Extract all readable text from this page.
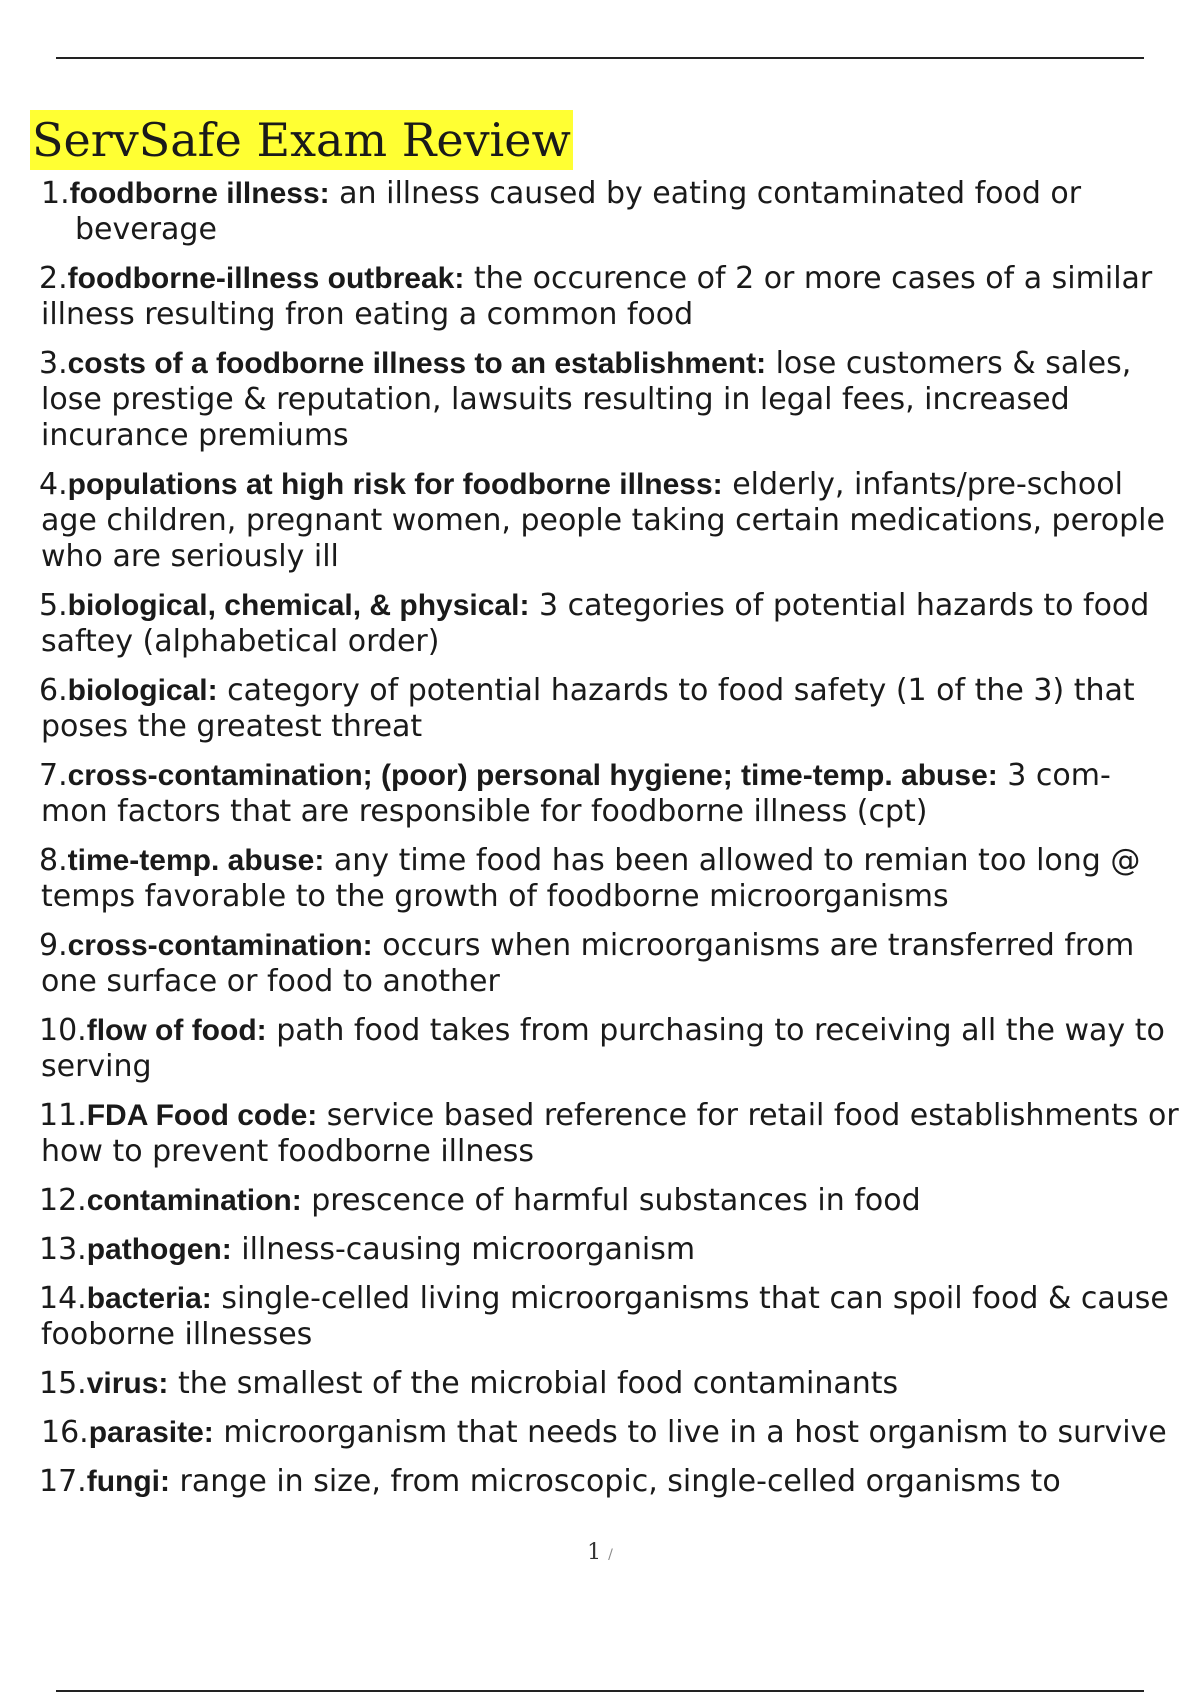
ServSafe Exam Review
1.foodborne illness: an illness caused by eating contaminated food or beverage
2.foodborne-illness outbreak: the occurence of 2 or more cases of a similar illness resulting fron eating a common food
3.costs of a foodborne illness to an establishment: lose customers & sales, lose prestige & reputation, lawsuits resulting in legal fees, increased incurance premiums
4.populations at high risk for foodborne illness: elderly, infants/pre-school age children, pregnant women, people taking certain medications, perople who are seriously ill
5.biological, chemical, & physical: 3 categories of potential hazards to food saftey (alphabetical order)
6.biological: category of potential hazards to food safety (1 of the 3) that poses the greatest threat
7.cross-contamination; (poor) personal hygiene; time-temp. abuse: 3 com- mon factors that are responsible for foodborne illness (cpt)
8.time-temp. abuse: any time food has been allowed to remian too long @ temps favorable to the growth of foodborne microorganisms
9.cross-contamination: occurs when microorganisms are transferred from one surface or food to another
10.flow of food: path food takes from purchasing to receiving all the way to serving
11.FDA Food code: service based reference for retail food establishments or how to prevent foodborne illness
12.contamination: prescence of harmful substances in food
13.pathogen: illness-causing microorganism
14.bacteria: single-celled living microorganisms that can spoil food & cause fooborne illnesses
15.virus: the smallest of the microbial food contaminants
16.parasite: microorganism that needs to live in a host organism to survive
17.fungi: range in size, from microscopic, single-celled organisms to
1 /
